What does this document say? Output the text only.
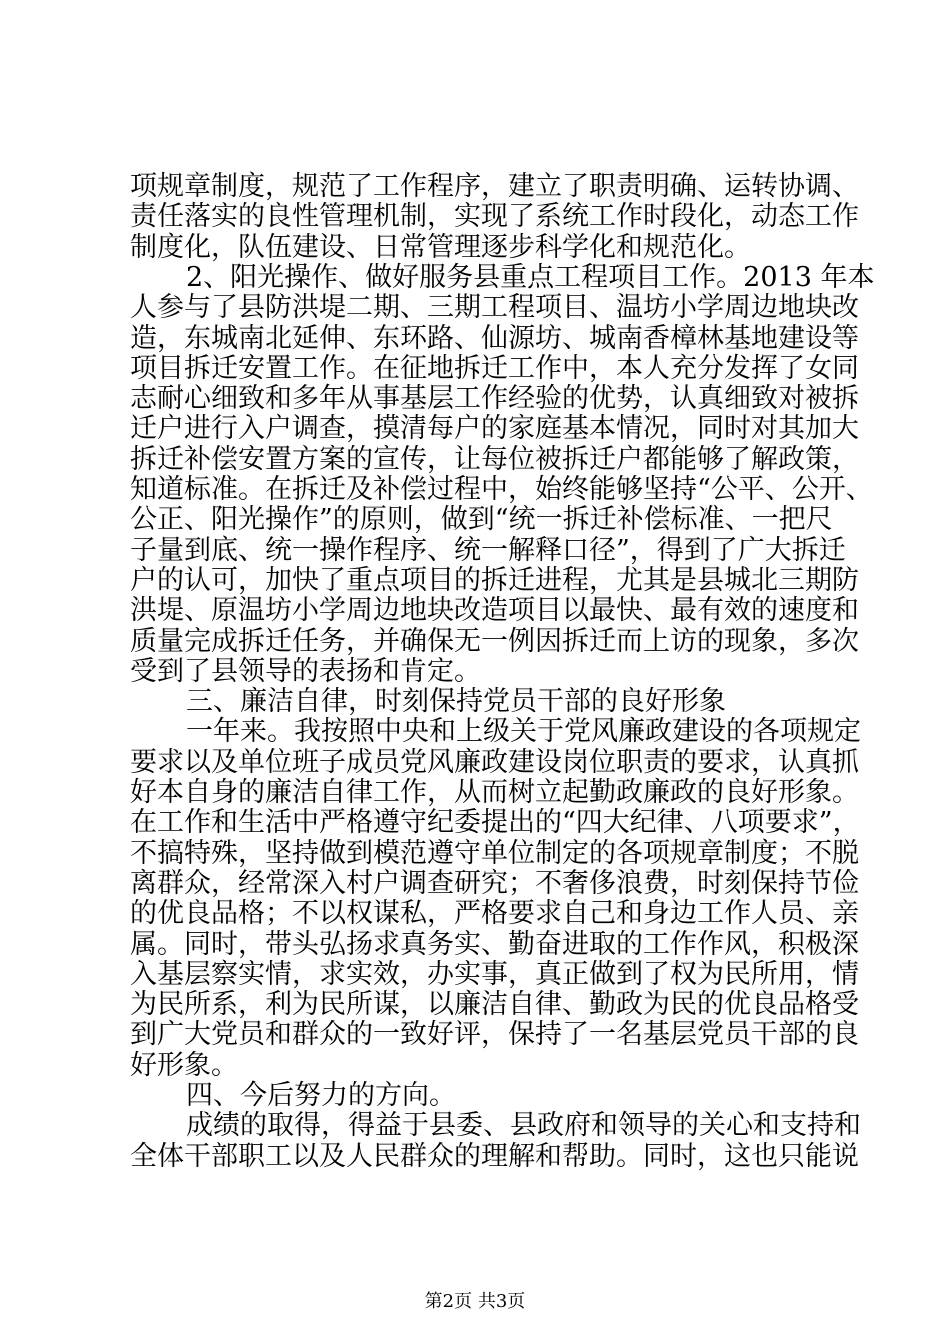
项规章制度，规范了工作程序，建立了职责明确、运转协调、
责任落实的良性管理机制，实现了系统工作时段化，动态工作
制度化，队伍建设、日常管理逐步科学化和规范化。
2、阳光操作、做好服务县重点工程项目工作。2013 年本
人参与了县防洪堤二期、三期工程项目、温坊小学周边地块改
造，东城南北延伸、东环路、仙源坊、城南香樟林基地建设等
项目拆迁安置工作。在征地拆迁工作中，本人充分发挥了女同
志耐心细致和多年从事基层工作经验的优势，认真细致对被拆
迁户进行入户调查，摸清每户的家庭基本情况，同时对其加大
拆迁补偿安置方案的宣传，让每位被拆迁户都能够了解政策，
知道标准。在拆迁及补偿过程中，始终能够坚持“公平、公开、
公正、阳光操作”的原则，做到“统一拆迁补偿标准、一把尺
子量到底、统一操作程序、统一解释口径”，得到了广大拆迁
户的认可，加快了重点项目的拆迁进程，尤其是县城北三期防
洪堤、原温坊小学周边地块改造项目以最快、最有效的速度和
质量完成拆迁任务，并确保无一例因拆迁而上访的现象，多次
受到了县领导的表扬和肯定。
三、廉洁自律，时刻保持党员干部的良好形象
一年来。我按照中央和上级关于党风廉政建设的各项规定
要求以及单位班子成员党风廉政建设岗位职责的要求，认真抓
好本自身的廉洁自律工作，从而树立起勤政廉政的良好形象。
在工作和生活中严格遵守纪委提出的“四大纪律、八项要求”，
不搞特殊，坚持做到模范遵守单位制定的各项规章制度；不脱
离群众，经常深入村户调查研究；不奢侈浪费，时刻保持节俭
的优良品格；不以权谋私，严格要求自己和身边工作人员、亲
属。同时，带头弘扬求真务实、勤奋进取的工作作风，积极深
入基层察实情，求实效，办实事，真正做到了权为民所用，情
为民所系，利为民所谋，以廉洁自律、勤政为民的优良品格受
到广大党员和群众的一致好评，保持了一名基层党员干部的良
好形象。
四、今后努力的方向。
成绩的取得，得益于县委、县政府和领导的关心和支持和
全体干部职工以及人民群众的理解和帮助。同时，这也只能说
第2页 共3页
